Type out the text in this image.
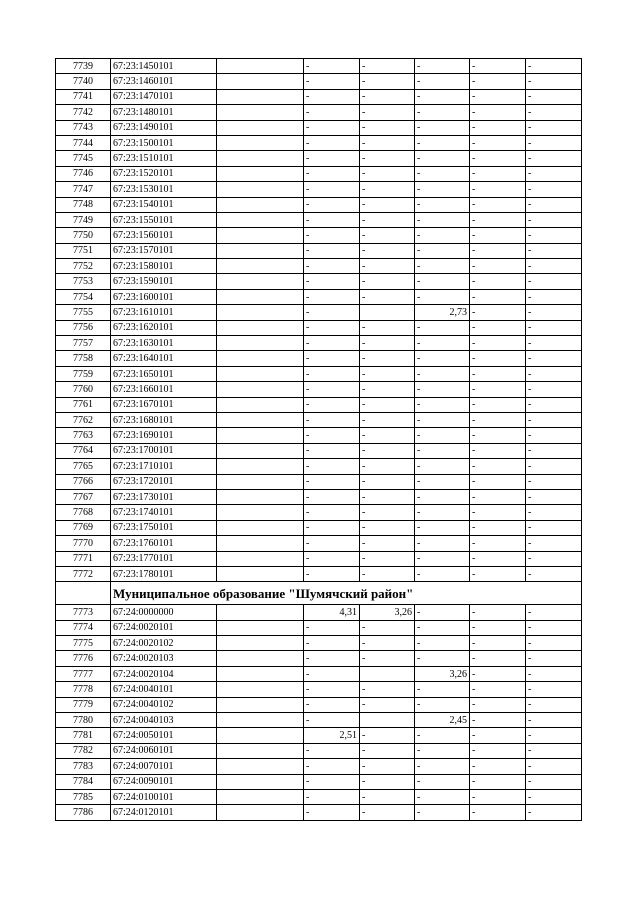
7739	67:23:1450101		-	-	-	-	-
7740	67:23:1460101		-	-	-	-	-
7741	67:23:1470101		-	-	-	-	-
7742	67:23:1480101		-	-	-	-	-
7743	67:23:1490101		-	-	-	-	-
7744	67:23:1500101		-	-	-	-	-
7745	67:23:1510101		-	-	-	-	-
7746	67:23:1520101		-	-	-	-	-
7747	67:23:1530101		-	-	-	-	-
7748	67:23:1540101		-	-	-	-	-
7749	67:23:1550101		-	-	-	-	-
7750	67:23:1560101		-	-	-	-	-
7751	67:23:1570101		-	-	-	-	-
7752	67:23:1580101		-	-	-	-	-
7753	67:23:1590101		-	-	-	-	-
7754	67:23:1600101		-	-	-	-	-
7755	67:23:1610101		-		2,73	-	-
7756	67:23:1620101		-	-	-	-	-
7757	67:23:1630101		-	-	-	-	-
7758	67:23:1640101		-	-	-	-	-
7759	67:23:1650101		-	-	-	-	-
7760	67:23:1660101		-	-	-	-	-
7761	67:23:1670101		-	-	-	-	-
7762	67:23:1680101		-	-	-	-	-
7763	67:23:1690101		-	-	-	-	-
7764	67:23:1700101		-	-	-	-	-
7765	67:23:1710101		-	-	-	-	-
7766	67:23:1720101		-	-	-	-	-
7767	67:23:1730101		-	-	-	-	-
7768	67:23:1740101		-	-	-	-	-
7769	67:23:1750101		-	-	-	-	-
7770	67:23:1760101		-	-	-	-	-
7771	67:23:1770101		-	-	-	-	-
7772	67:23:1780101		-	-	-	-	-
	Муниципальное образование "Шумячский район"						
7773	67:24:0000000		4,31	3,26	-	-	-
7774	67:24:0020101		-	-	-	-	-
7775	67:24:0020102		-	-	-	-	-
7776	67:24:0020103		-	-	-	-	-
7777	67:24:0020104		-		3,26	-	-
7778	67:24:0040101		-	-	-	-	-
7779	67:24:0040102		-	-	-	-	-
7780	67:24:0040103		-		2,45	-	-
7781	67:24:0050101		2,51	-	-	-	-
7782	67:24:0060101		-	-	-	-	-
7783	67:24:0070101		-	-	-	-	-
7784	67:24:0090101		-	-	-	-	-
7785	67:24:0100101		-	-	-	-	-
7786	67:24:0120101		-	-	-	-	-
